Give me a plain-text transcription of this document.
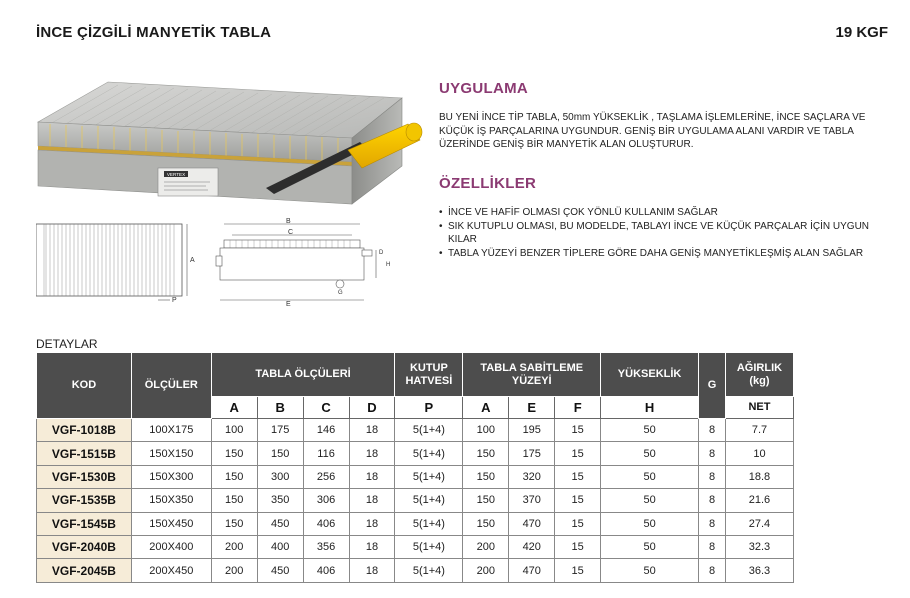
İNCE ÇİZGİLİ MANYETİK TABLA	19 KGF
VERTEX
A
P
B
C
D
H
E
G
UYGULAMA
BU YENİ İNCE TİP TABLA, 50mm YÜKSEKLİK , TAŞLAMA İŞLEMLERİNE, İNCE SAÇLARA VE KÜÇÜK İŞ PARÇALARINA UYGUNDUR. GENİŞ BİR UYGULAMA ALANI VARDIR VE TABLA ÜZERİNDE GENİŞ BİR MANYETİK ALAN OLUŞTURUR.
ÖZELLİKLER
• İNCE VE HAFİF OLMASI ÇOK YÖNLÜ KULLANIM SAĞLAR
• SIK KUTUPLU OLMASI, BU MODELDE, TABLAYI İNCE VE KÜÇÜK PARÇALAR İÇİN UYGUN KILAR
• TABLA YÜZEYİ BENZER TİPLERE GÖRE DAHA GENİŞ MANYETİKLEŞMİŞ ALAN SAĞLAR
DETAYLAR
KOD	ÖLÇÜLER	TABLA ÖLÇÜLERİ				KUTUP HATVESİ	TABLA SABİTLEME YÜZEYİ			YÜKSEKLİK	G	AĞIRLIK (kg)
		A	B	C	D	P	A	E	F	H		NET
VGF-1018B	100X175	100	175	146	18	5(1+4)	100	195	15	50	8	7.7
VGF-1515B	150X150	150	150	116	18	5(1+4)	150	175	15	50	8	10
VGF-1530B	150X300	150	300	256	18	5(1+4)	150	320	15	50	8	18.8
VGF-1535B	150X350	150	350	306	18	5(1+4)	150	370	15	50	8	21.6
VGF-1545B	150X450	150	450	406	18	5(1+4)	150	470	15	50	8	27.4
VGF-2040B	200X400	200	400	356	18	5(1+4)	200	420	15	50	8	32.3
VGF-2045B	200X450	200	450	406	18	5(1+4)	200	470	15	50	8	36.3
